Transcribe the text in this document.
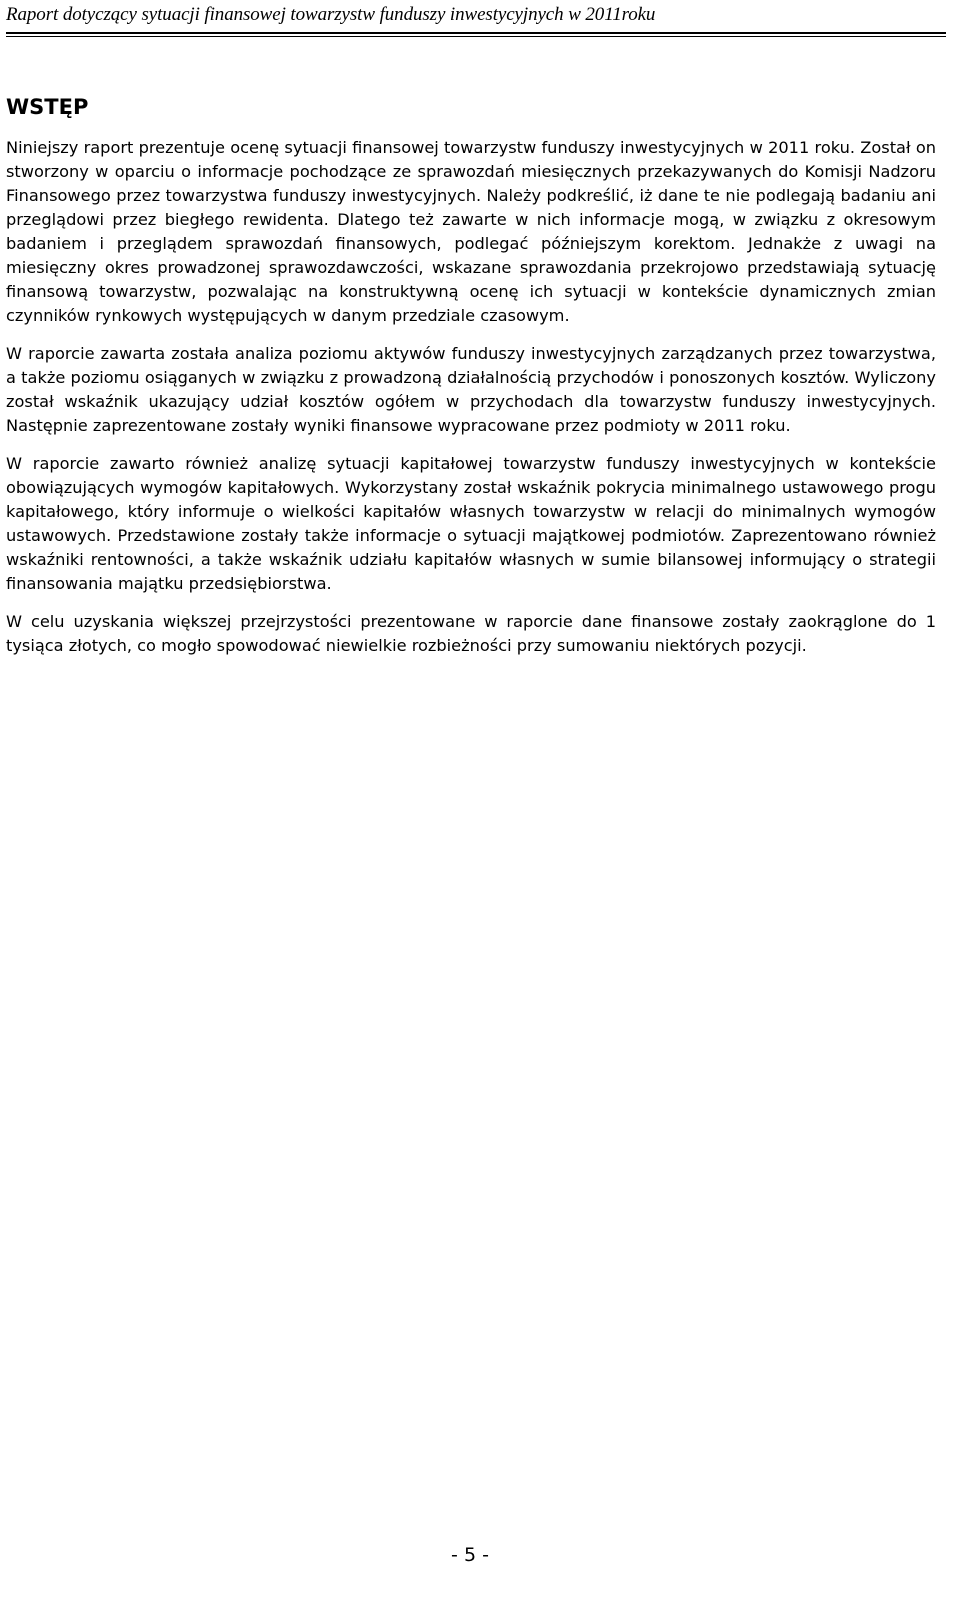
Raport dotyczący sytuacji finansowej towarzystw funduszy inwestycyjnych w 2011roku
WSTĘP

Niniejszy raport prezentuje ocenę sytuacji finansowej towarzystw funduszy inwestycyjnych w 2011 roku. Został on stworzony w oparciu o informacje pochodzące ze sprawozdań miesięcznych przekazywanych do Komisji Nadzoru Finansowego przez towarzystwa funduszy inwestycyjnych. Należy podkreślić, iż dane te nie podlegają badaniu ani przeglądowi przez biegłego rewidenta. Dlatego też zawarte w nich informacje mogą, w związku z okresowym badaniem i przeglądem sprawozdań finansowych, podlegać późniejszym korektom. Jednakże z uwagi na miesięczny okres prowadzonej sprawozdawczości, wskazane sprawozdania przekrojowo przedstawiają sytuację finansową towarzystw, pozwalając na konstruktywną ocenę ich sytuacji w kontekście dynamicznych zmian czynników rynkowych występujących w danym przedziale czasowym.

W raporcie zawarta została analiza poziomu aktywów funduszy inwestycyjnych zarządzanych przez towarzystwa, a także poziomu osiąganych w związku z prowadzoną działalnością przychodów i ponoszonych kosztów. Wyliczony został wskaźnik ukazujący udział kosztów ogółem w przychodach dla towarzystw funduszy inwestycyjnych. Następnie zaprezentowane zostały wyniki finansowe wypracowane przez podmioty w 2011 roku.

W raporcie zawarto również analizę sytuacji kapitałowej towarzystw funduszy inwestycyjnych w kontekście obowiązujących wymogów kapitałowych. Wykorzystany został wskaźnik pokrycia minimalnego ustawowego progu kapitałowego, który informuje o wielkości kapitałów własnych towarzystw w relacji do minimalnych wymogów ustawowych. Przedstawione zostały także informacje o sytuacji majątkowej podmiotów. Zaprezentowano również wskaźniki rentowności, a także wskaźnik udziału kapitałów własnych w sumie bilansowej informujący o strategii finansowania majątku przedsiębiorstwa.

W celu uzyskania większej przejrzystości prezentowane w raporcie dane finansowe zostały zaokrąglone do 1 tysiąca złotych, co mogło spowodować niewielkie rozbieżności przy sumowaniu niektórych pozycji.

- 5 -
